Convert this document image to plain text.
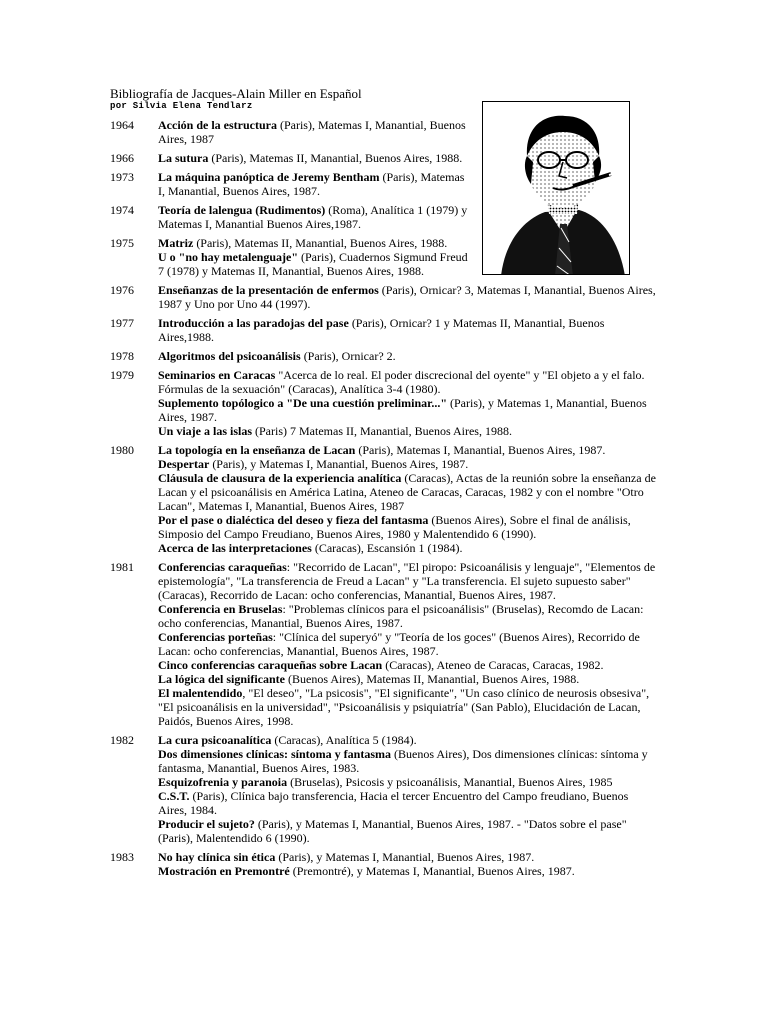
Bibliografía de Jacques-Alain Miller en Español
por Silvia Elena Tendlarz
1964	Acción de la estructura (Paris), Matemas I, Manantial, Buenos Aires, 1987
1966	La sutura (Paris), Matemas II, Manantial, Buenos Aires, 1988.
1973	La máquina panóptica de Jeremy Bentham (Paris), Matemas I, Manantial, Buenos Aires, 1987.
1974	Teoría de lalengua (Rudimentos) (Roma), Analítica 1 (1979) y Matemas I, Manantial Buenos Aires,1987.
1975	Matriz (Paris), Matemas II, Manantial, Buenos Aires, 1988.
U o "no hay metalenguaje" (Paris), Cuadernos Sigmund Freud 7 (1978) y Matemas II, Manantial, Buenos Aires, 1988.
1976	Enseñanzas de la presentación de enfermos (Paris), Ornicar? 3, Matemas I, Manantial, Buenos Aires, 1987 y Uno por Uno 44 (1997).
1977	Introducción a las paradojas del pase (Paris), Ornicar? 1 y Matemas II, Manantial, Buenos Aires,1988.
1978	Algoritmos del psicoanálisis (Paris), Ornicar? 2.
1979	Seminarios en Caracas "Acerca de lo real. El poder discrecional del oyente" y "El objeto a y el falo. Fórmulas de la sexuación" (Caracas), Analítica 3-4 (1980).
Suplemento topólogico a "De una cuestión preliminar..." (Paris), y Matemas 1, Manantial, Buenos Aires, 1987.
Un viaje a las islas (Paris) 7 Matemas II, Manantial, Buenos Aires, 1988.
1980	La topología en la enseñanza de Lacan (Paris), Matemas I, Manantial, Buenos Aires, 1987.
Despertar (Paris), y Matemas I, Manantial, Buenos Aires, 1987.
Cláusula de clausura de la experiencia analítica (Caracas), Actas de la reunión sobre la enseñanza de Lacan y el psicoanálisis en América Latina, Ateneo de Caracas, Caracas, 1982 y con el nombre "Otro Lacan", Matemas I, Manantial, Buenos Aires, 1987
Por el pase o dialéctica del deseo y fieza del fantasma (Buenos Aires), Sobre el final de análisis, Simposio del Campo Freudiano, Buenos Aires, 1980 y Malentendido 6 (1990).
Acerca de las interpretaciones (Caracas), Escansión 1 (1984).
1981	Conferencias caraqueñas: "Recorrido de Lacan", "El piropo: Psicoanálisis y lenguaje", "Elementos de epistemología", "La transferencia de Freud a Lacan" y "La transferencia. El sujeto supuesto saber" (Caracas), Recorrido de Lacan: ocho conferencias, Manantial, Buenos Aires, 1987.
Conferencia en Bruselas: "Problemas clínicos para el psicoanálisis" (Bruselas), Recomdo de Lacan: ocho conferencias, Manantial, Buenos Aires, 1987.
Conferencias porteñas: "Clínica del superyó" y "Teoría de los goces" (Buenos Aires), Recorrido de Lacan: ocho conferencias, Manantial, Buenos Aires, 1987.
Cinco conferencias caraqueñas sobre Lacan (Caracas), Ateneo de Caracas, Caracas, 1982.
La lógica del significante (Buenos Aires), Matemas II, Manantial, Buenos Aires, 1988.
El malentendido, "El deseo", "La psicosis", "El significante", "Un caso clínico de neurosis obsesiva", "El psicoanálisis en la universidad", "Psicoanálisis y psiquiatría" (San Pablo), Elucidación de Lacan, Paidós, Buenos Aires, 1998.
1982	La cura psicoanalítica (Caracas), Analítica 5 (1984).
Dos dimensiones clínicas: síntoma y fantasma (Buenos Aires), Dos dimensiones clínicas: síntoma y fantasma, Manantial, Buenos Aires, 1983.
Esquizofrenia y paranoia (Bruselas), Psicosis y psicoanálisis, Manantial, Buenos Aires, 1985
C.S.T. (Paris), Clínica bajo transferencia, Hacia el tercer Encuentro del Campo freudiano, Buenos Aires, 1984.
Producir el sujeto? (Paris), y Matemas I, Manantial, Buenos Aires, 1987. - "Datos sobre el pase" (Paris), Malentendido 6 (1990).
1983	No hay clínica sin ética (Paris), y Matemas I, Manantial, Buenos Aires, 1987.
Mostración en Premontré (Premontré), y Matemas I, Manantial, Buenos Aires, 1987.
